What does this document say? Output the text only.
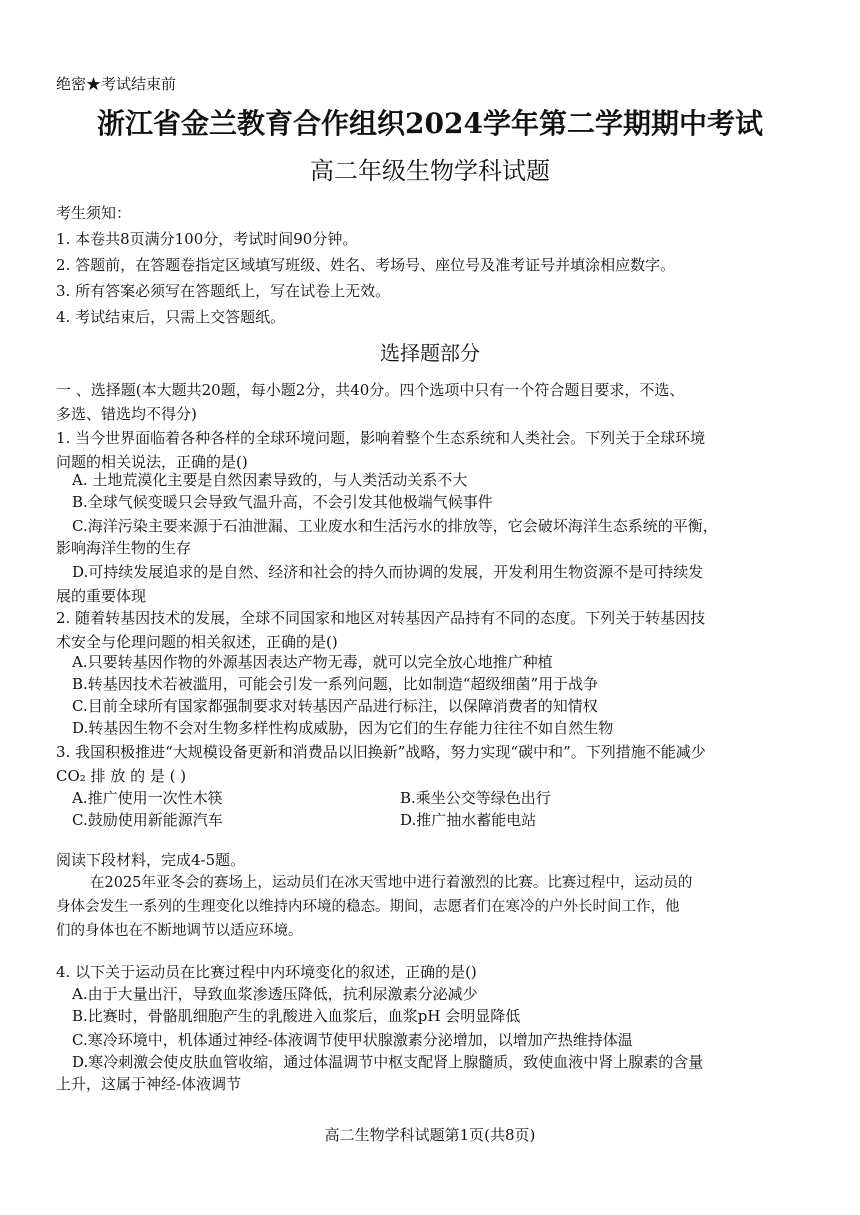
绝密★考试结束前
浙江省金兰教育合作组织2024学年第二学期期中考试
高二年级生物学科试题
考生须知：
1. 本卷共8页满分100分，考试时间90分钟。
2. 答题前，在答题卷指定区域填写班级、姓名、考场号、座位号及准考证号并填涂相应数字。
3. 所有答案必须写在答题纸上，写在试卷上无效。
4. 考试结束后，只需上交答题纸。
选择题部分
一 、选择题(本大题共20题，每小题2分，共40分。四个选项中只有一个符合题目要求，不选、
多选、错选均不得分)
1. 当今世界面临着各种各样的全球环境问题，影响着整个生态系统和人类社会。下列关于全球环境
问题的相关说法，正确的是()
A. 土地荒漠化主要是自然因素导致的，与人类活动关系不大
B.全球气候变暖只会导致气温升高，不会引发其他极端气候事件
C.海洋污染主要来源于石油泄漏、工业废水和生活污水的排放等，它会破坏海洋生态系统的平衡，
影响海洋生物的生存
D.可持续发展追求的是自然、经济和社会的持久而协调的发展，开发利用生物资源不是可持续发
展的重要体现
2. 随着转基因技术的发展，全球不同国家和地区对转基因产品持有不同的态度。下列关于转基因技
术安全与伦理问题的相关叙述，正确的是()
A.只要转基因作物的外源基因表达产物无毒，就可以完全放心地推广种植
B.转基因技术若被滥用，可能会引发一系列问题，比如制造“超级细菌”用于战争
C.目前全球所有国家都强制要求对转基因产品进行标注，以保障消费者的知情权
D.转基因生物不会对生物多样性构成威胁，因为它们的生存能力往往不如自然生物
3. 我国积极推进“大规模设备更新和消费品以旧换新”战略，努力实现“碳中和”。下列措施不能减少
CO₂ 排 放 的 是 ( )
A.推广使用一次性木筷	B.乘坐公交等绿色出行
C.鼓励使用新能源汽车	D.推广抽水蓄能电站
阅读下段材料，完成4-5题。
在2025年亚冬会的赛场上，运动员们在冰天雪地中进行着激烈的比赛。比赛过程中，运动员的
身体会发生一系列的生理变化以维持内环境的稳态。期间，志愿者们在寒冷的户外长时间工作，他
们的身体也在不断地调节以适应环境。
4. 以下关于运动员在比赛过程中内环境变化的叙述，正确的是()
A.由于大量出汗，导致血浆渗透压降低，抗利尿激素分泌减少
B.比赛时，骨骼肌细胞产生的乳酸进入血浆后，血浆pH 会明显降低
C.寒冷环境中，机体通过神经-体液调节使甲状腺激素分泌增加，以增加产热维持体温
D.寒冷刺激会使皮肤血管收缩，通过体温调节中枢支配肾上腺髓质，致使血液中肾上腺素的含量
上升，这属于神经-体液调节
高二生物学科试题第1页(共8页)
